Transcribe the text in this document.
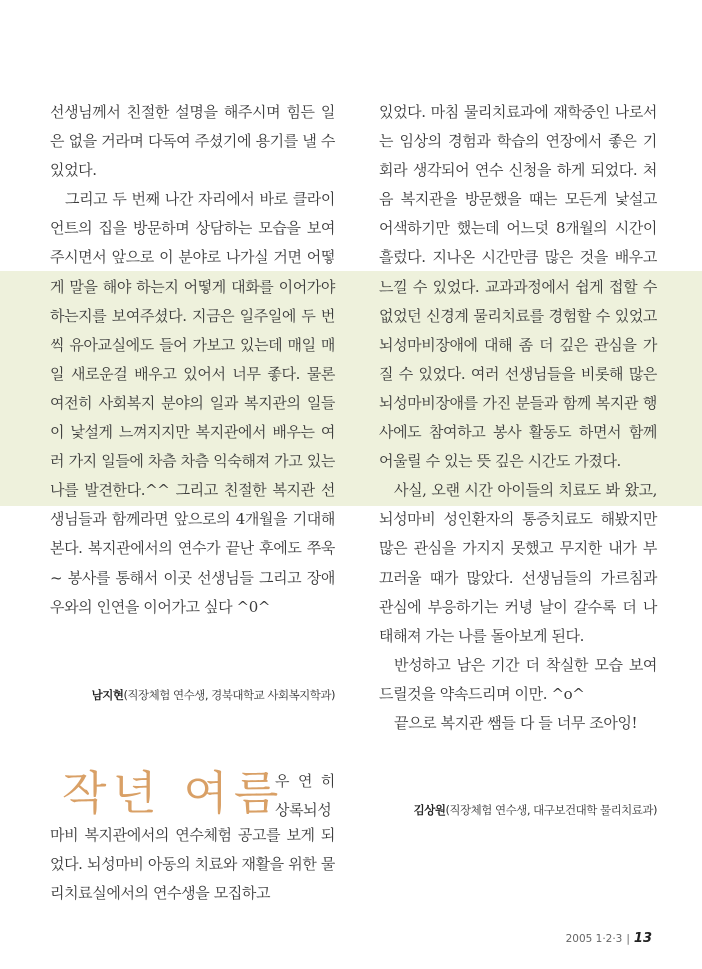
선생님께서 친절한 설명을 해주시며 힘든 일은 없을 거라며 다독여 주셨기에 용기를 낼 수 있었다.

그리고 두 번째 나간 자리에서 바로 클라이언트의 집을 방문하며 상담하는 모습을 보여주시면서 앞으로 이 분야로 나가실 거면 어떻게 말을 해야 하는지 어떻게 대화를 이어가야 하는지를 보여주셨다. 지금은 일주일에 두 번씩 유아교실에도 들어 가보고 있는데 매일 매일 새로운걸 배우고 있어서 너무 좋다. 물론 여전히 사회복지 분야의 일과 복지관의 일들이 낯설게 느껴지지만 복지관에서 배우는 여러 가지 일들에 차츰 차츰 익숙해져 가고 있는 나를 발견한다.^^ 그리고 친절한 복지관 선생님들과 함께라면 앞으로의 4개월을 기대해본다. 복지관에서의 연수가 끝난 후에도 쭈욱~ 봉사를 통해서 이곳 선생님들 그리고 장애우와의 인연을 이어가고 싶다 ^0^

남지현(직장체험 연수생, 경북대학교 사회복지학과)
작년 여름
우 연 히
상록뇌성

마비 복지관에서의 연수체험 공고를 보게 되었다. 뇌성마비 아동의 치료와 재활을 위한 물리치료실에서의 연수생을 모집하고

있었다. 마침 물리치료과에 재학중인 나로서는 임상의 경험과 학습의 연장에서 좋은 기회라 생각되어 연수 신청을 하게 되었다. 처음 복지관을 방문했을 때는 모든게 낯설고 어색하기만 했는데 어느덧 8개월의 시간이 흘렀다. 지나온 시간만큼 많은 것을 배우고 느낄 수 있었다. 교과과정에서 쉽게 접할 수 없었던 신경계 물리치료를 경험할 수 있었고 뇌성마비장애에 대해 좀 더 깊은 관심을 가질 수 있었다. 여러 선생님들을 비롯해 많은 뇌성마비장애를 가진 분들과 함께 복지관 행사에도 참여하고 봉사 활동도 하면서 함께 어울릴 수 있는 뜻 깊은 시간도 가졌다.

사실, 오랜 시간 아이들의 치료도 봐 왔고, 뇌성마비 성인환자의 통증치료도 해봤지만 많은 관심을 가지지 못했고 무지한 내가 부끄러울 때가 많았다. 선생님들의 가르침과 관심에 부응하기는 커녕 날이 갈수록 더 나태해져 가는 나를 돌아보게 된다.

반성하고 남은 기간 더 착실한 모습 보여드릴것을 약속드리며 이만. ^o^

끝으로 복지관 쌤들 다 들 너무 조아잉!

김상원(직장체험 연수생, 대구보건대학 물리치료과)
2005 1·2·3 | 13
